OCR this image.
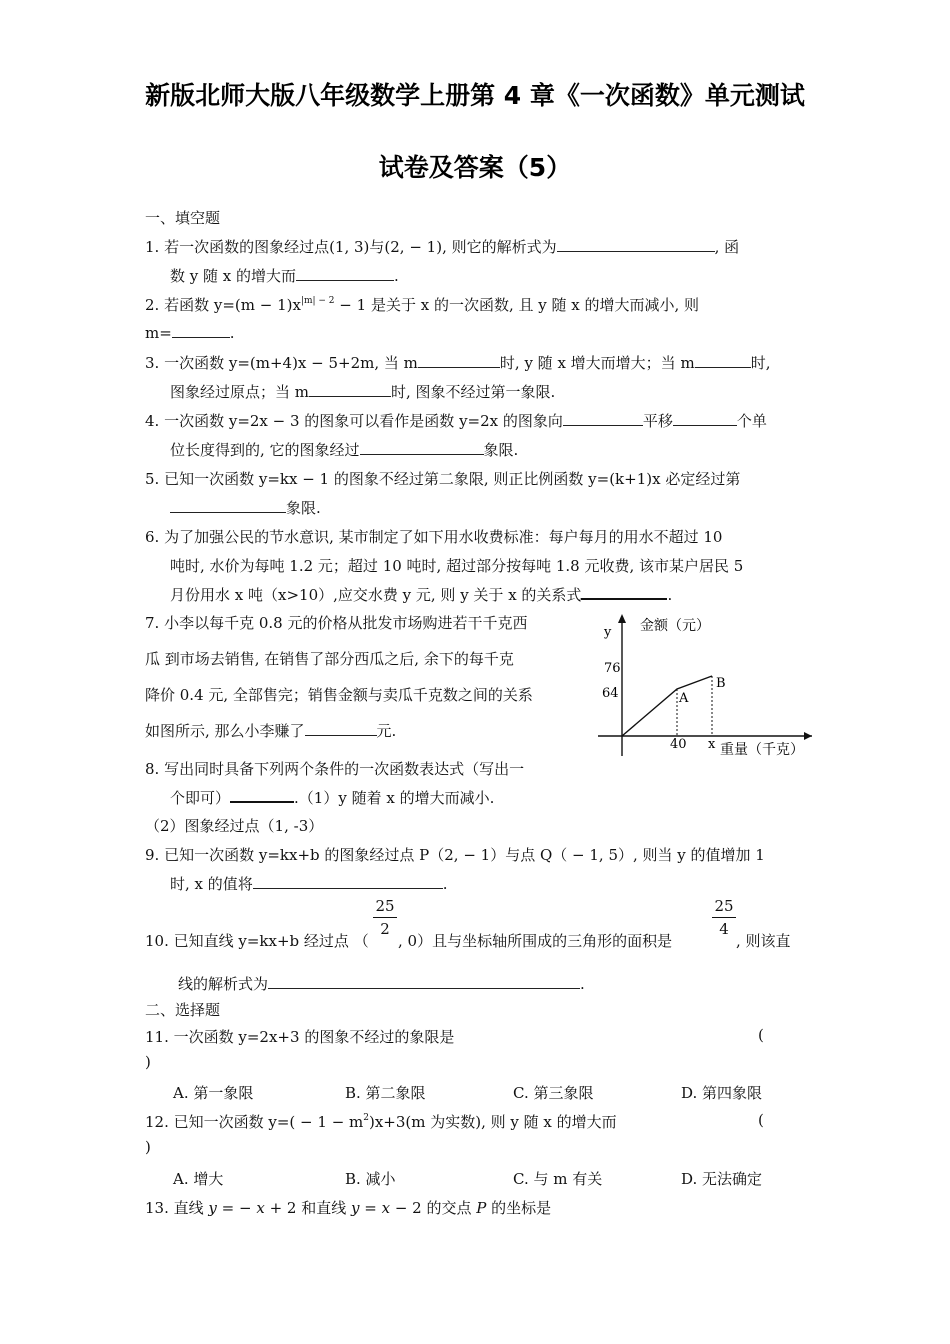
新版北师大版八年级数学上册第 4 章《一次函数》单元测试
试卷及答案（5）
一、填空题
1. 若一次函数的图象经过点(1, 3)与(2, − 1), 则它的解析式为	, 函
数 y 随 x 的增大而	.
2. 若函数 $y=(m - 1)x^{|m| - 2} - 1$ 是关于 x 的一次函数, 且 y 随 x 的增大而减小, 则
m=	.
3. 一次函数 y=(m+4)x − 5+2m, 当 m	时, y 随 x 增大而增大；当 m	时,
图象经过原点；当 m	时, 图象不经过第一象限.
4. 一次函数 y=2x − 3 的图象可以看作是函数 y=2x 的图象向	平移	个单
位长度得到的, 它的图象经过	象限.
5. 已知一次函数 y=kx − 1 的图象不经过第二象限, 则正比例函数 y=(k+1)x 必定经过第
象限.
6. 为了加强公民的节水意识, 某市制定了如下用水收费标准：每户每月的用水不超过 10
吨时, 水价为每吨 1.2 元；超过 10 吨时, 超过部分按每吨 1.8 元收费, 该市某户居民 5
月份用水 x 吨（x>10）,应交水费 y 元, 则 y 关于 x 的关系式	.
7. 小李以每千克 0.8 元的价格从批发市场购进若干千克西
瓜 到市场去销售, 在销售了部分西瓜之后, 余下的每千克
降价 0.4 元, 全部售完；销售金额与卖瓜千克数之间的关系
如图所示, 那么小李赚了	元.
y 金额（元）
76
64
40 x 重量（千克）
A
B
8. 写出同时具备下列两个条件的一次函数表达式（写出一
个即可）	.（1）y 随着 x 的增大而减小.
（2）图象经过点（1, -3）
9. 已知一次函数 y=kx+b 的图象经过点 P（2, − 1）与点 Q（ − 1, 5）, 则当 y 的值增加 1
时, x 的值将	.
25
2
25
4
10. 已知直线 y=kx+b 经过点 （ , 0）且与坐标轴所围成的三角形的面积是	, 则该直
线的解析式为	.
二、选择题
11. 一次函数 y=2x+3 的图象不经过的象限是	(
)
A. 第一象限	B. 第二象限	C. 第三象限	D. 第四象限
12. 已知一次函数 $y=( - 1 - m^2)x+3(m$ 为实数), 则 y 随 x 的增大而	(
)
A. 增大	B. 减小	C. 与 m 有关	D. 无法确定
13. 直线 y = − x + 2 和直线 y = x − 2 的交点 P 的坐标是
